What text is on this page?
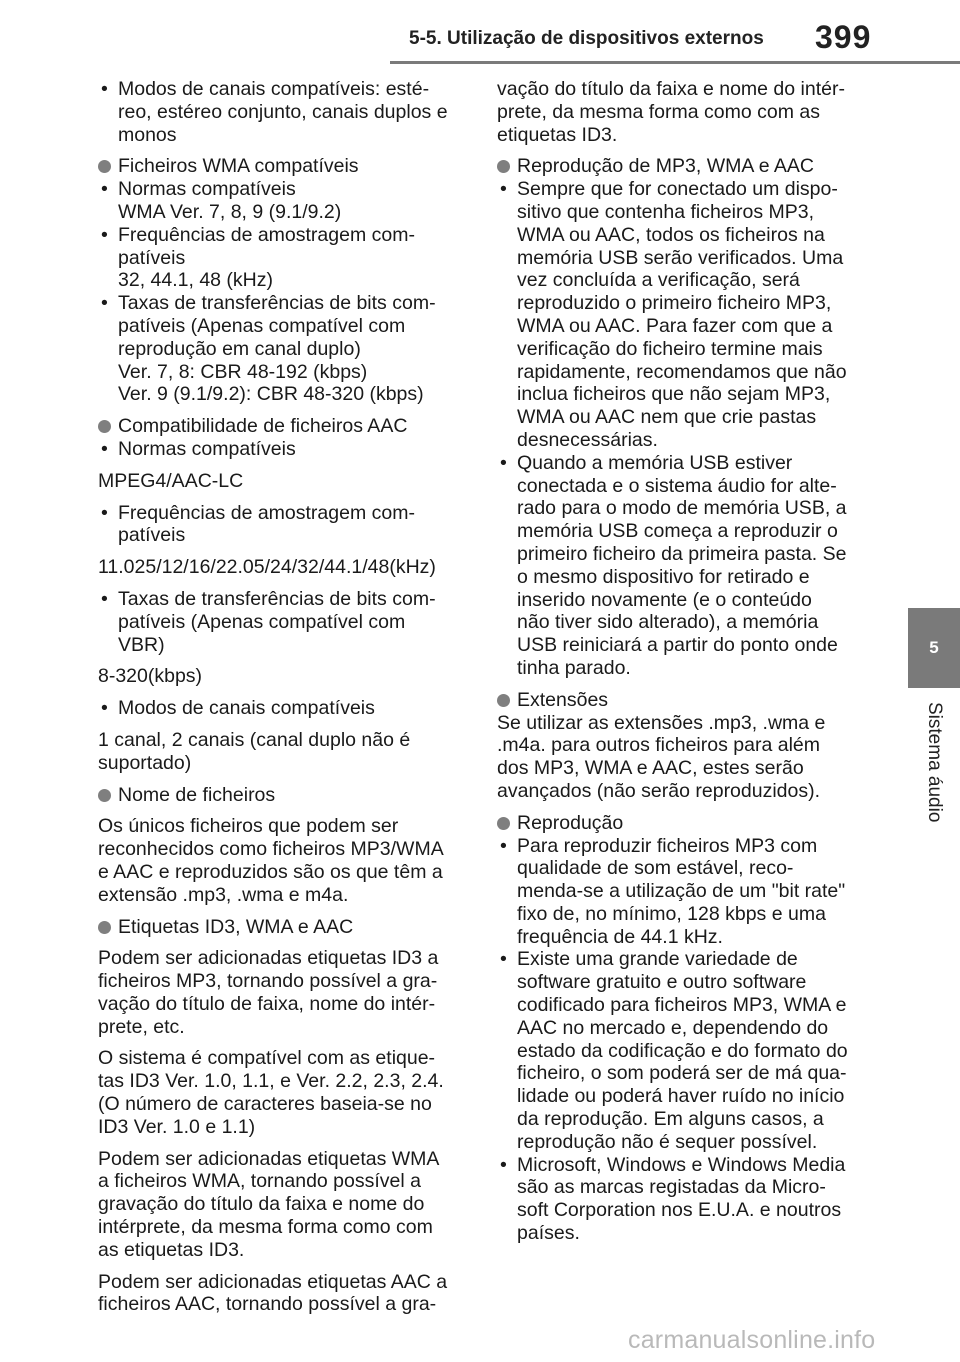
5-5. Utilização de dispositivos externos 399
5
Sistema áudio
• Modos de canais compatíveis: esté-
reo, estéreo conjunto, canais duplos e
monos
Ficheiros WMA compatíveis
• Normas compatíveis
WMA Ver. 7, 8, 9 (9.1/9.2)
• Frequências de amostragem com-
patíveis
32, 44.1, 48 (kHz)
• Taxas de transferências de bits com-
patíveis (Apenas compatível com
reprodução em canal duplo)
Ver. 7, 8: CBR 48-192 (kbps)
Ver. 9 (9.1/9.2): CBR 48-320 (kbps)
Compatibilidade de ficheiros AAC
• Normas compatíveis
MPEG4/AAC-LC
• Frequências de amostragem com-
patíveis
11.025/12/16/22.05/24/32/44.1/48(kHz)
• Taxas de transferências de bits com-
patíveis (Apenas compatível com
VBR)
8-320(kbps)
• Modos de canais compatíveis
1 canal, 2 canais (canal duplo não é
suportado)
Nome de ficheiros
Os únicos ficheiros que podem ser
reconhecidos como ficheiros MP3/WMA
e AAC e reproduzidos são os que têm a
extensão .mp3, .wma e m4a.
Etiquetas ID3, WMA e AAC
Podem ser adicionadas etiquetas ID3 a
ficheiros MP3, tornando possível a gra-
vação do título de faixa, nome do intér-
prete, etc.
O sistema é compatível com as etique-
tas ID3 Ver. 1.0, 1.1, e Ver. 2.2, 2.3, 2.4.
(O número de caracteres baseia-se no
ID3 Ver. 1.0 e 1.1)
Podem ser adicionadas etiquetas WMA
a ficheiros WMA, tornando possível a
gravação do título da faixa e nome do
intérprete, da mesma forma como com
as etiquetas ID3.
Podem ser adicionadas etiquetas AAC a
ficheiros AAC, tornando possível a gra-
vação do título da faixa e nome do intér-
prete, da mesma forma como com as
etiquetas ID3.
Reprodução de MP3, WMA e AAC
• Sempre que for conectado um dispo-
sitivo que contenha ficheiros MP3,
WMA ou AAC, todos os ficheiros na
memória USB serão verificados. Uma
vez concluída a verificação, será
reproduzido o primeiro ficheiro MP3,
WMA ou AAC. Para fazer com que a
verificação do ficheiro termine mais
rapidamente, recomendamos que não
inclua ficheiros que não sejam MP3,
WMA ou AAC nem que crie pastas
desnecessárias.
• Quando a memória USB estiver
conectada e o sistema áudio for alte-
rado para o modo de memória USB, a
memória USB começa a reproduzir o
primeiro ficheiro da primeira pasta. Se
o mesmo dispositivo for retirado e
inserido novamente (e o conteúdo
não tiver sido alterado), a memória
USB reiniciará a partir do ponto onde
tinha parado.
Extensões
Se utilizar as extensões .mp3, .wma e
.m4a. para outros ficheiros para além
dos MP3, WMA e AAC, estes serão
avançados (não serão reproduzidos).
Reprodução
• Para reproduzir ficheiros MP3 com
qualidade de som estável, reco-
menda-se a utilização de um "bit rate"
fixo de, no mínimo, 128 kbps e uma
frequência de 44.1 kHz.
• Existe uma grande variedade de
software gratuito e outro software
codificado para ficheiros MP3, WMA e
AAC no mercado e, dependendo do
estado da codificação e do formato do
ficheiro, o som poderá ser de má qua-
lidade ou poderá haver ruído no início
da reprodução. Em alguns casos, a
reprodução não é sequer possível.
• Microsoft, Windows e Windows Media
são as marcas registadas da Micro-
soft Corporation nos E.U.A. e noutros
países.
carmanualsonline.info
